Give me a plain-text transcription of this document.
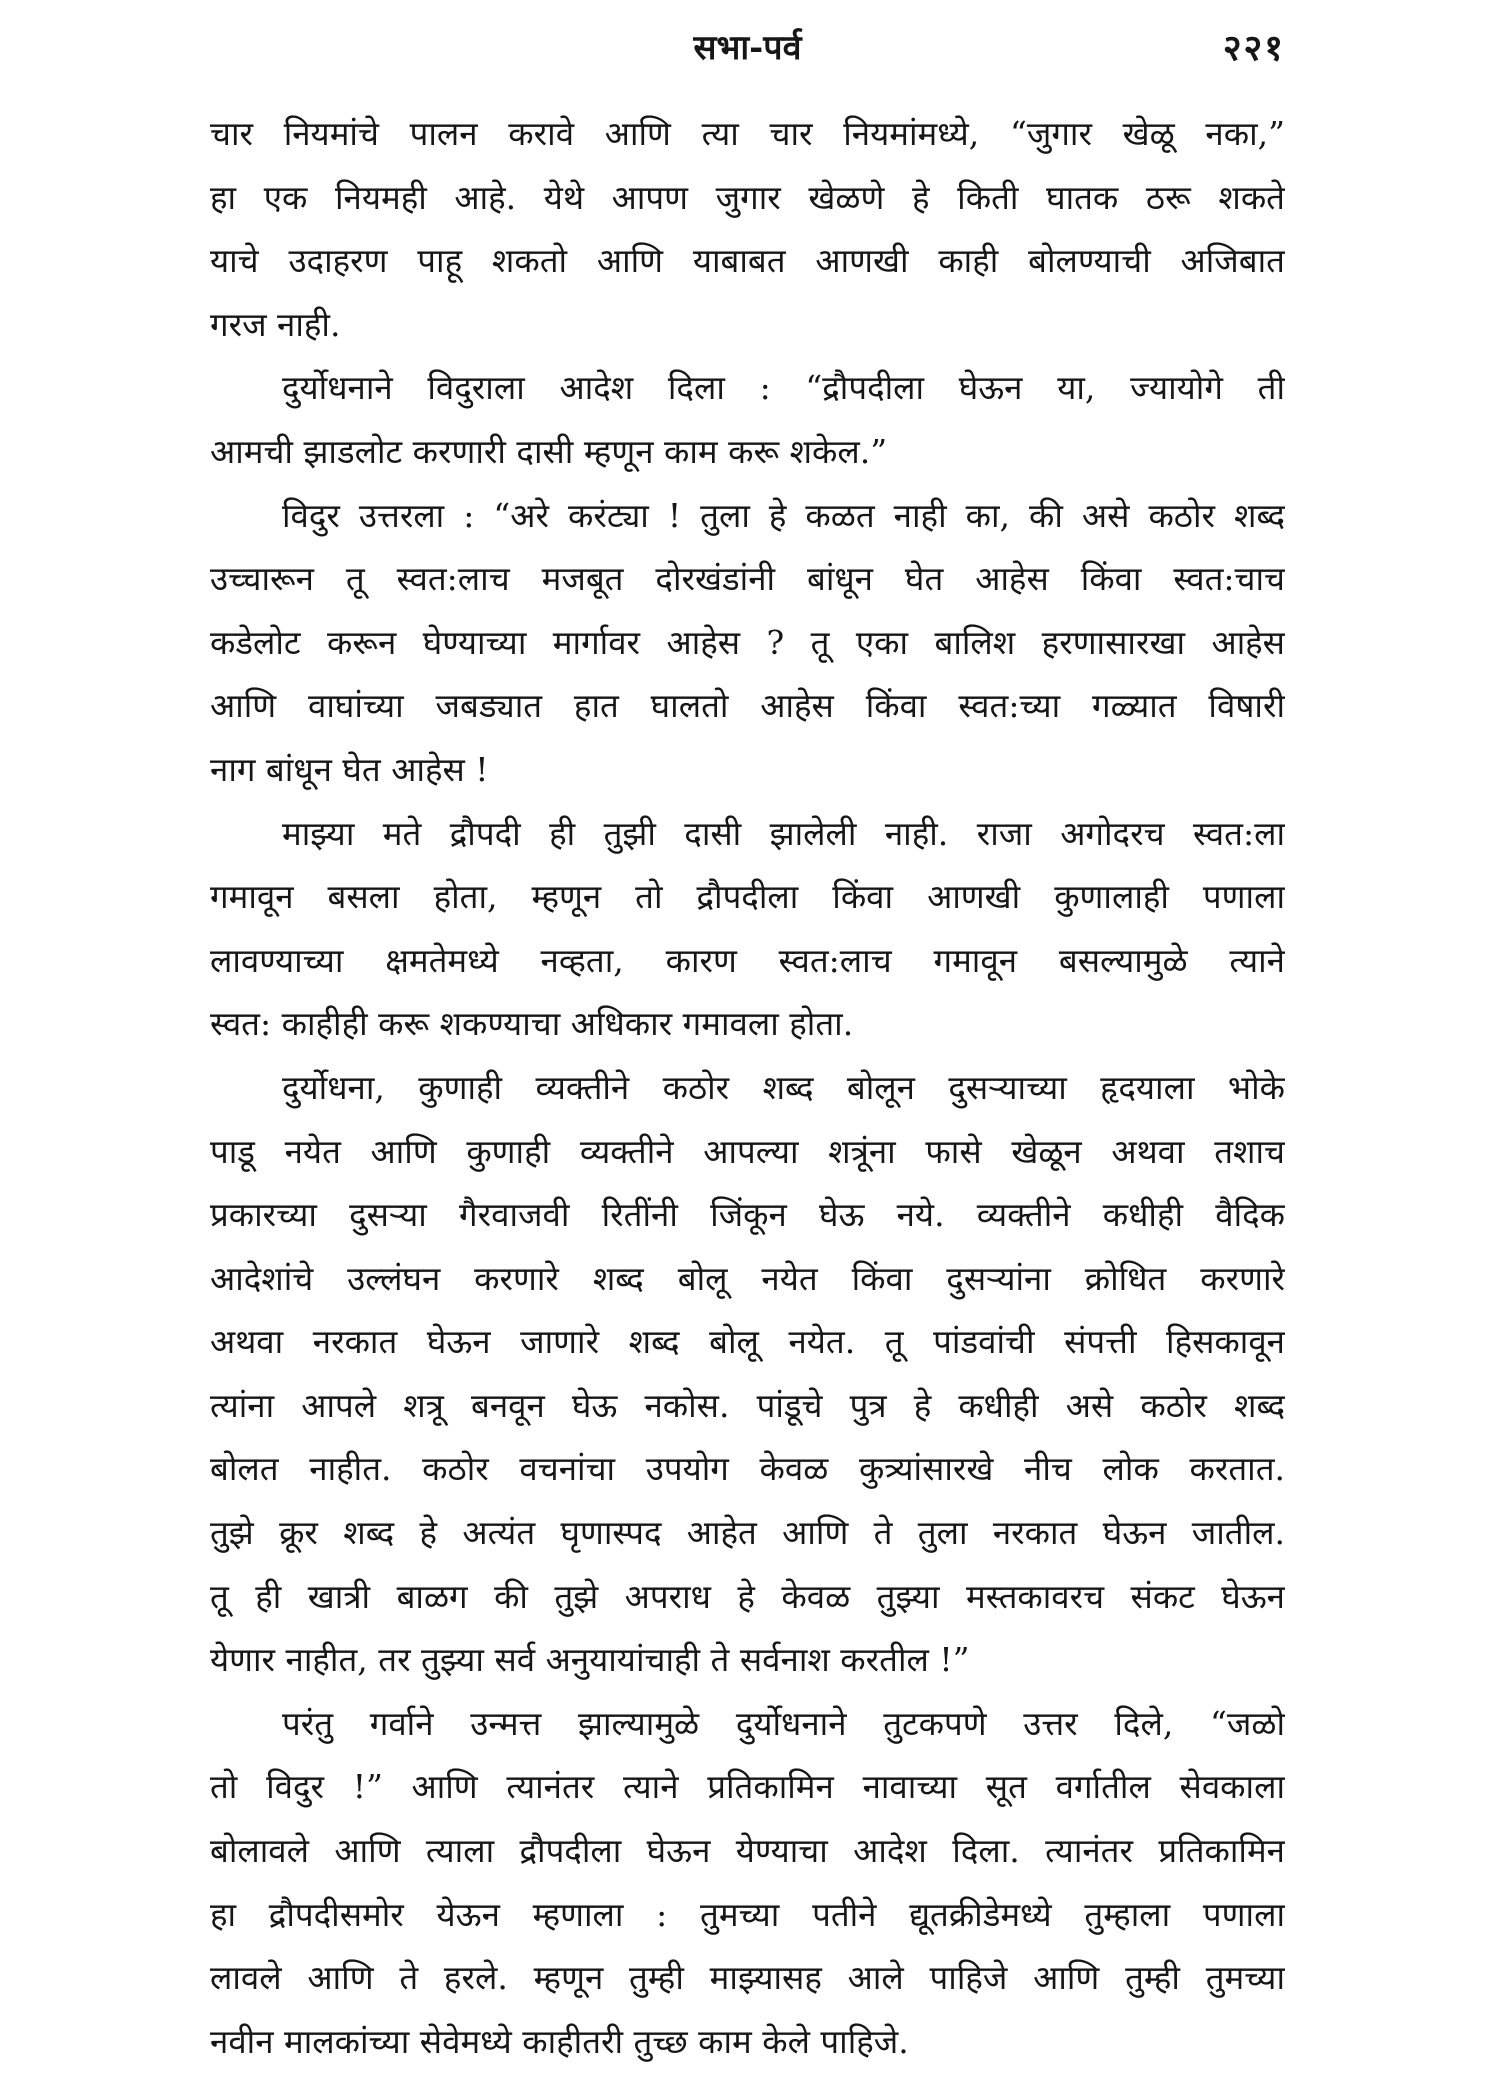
सभा-पर्व	२२१
चार नियमांचे पालन करावे आणि त्या चार नियमांमध्ये, “जुगार खेळू नका,”
हा एक नियमही आहे. येथे आपण जुगार खेळणे हे किती घातक ठरू शकते
याचे उदाहरण पाहू शकतो आणि याबाबत आणखी काही बोलण्याची अजिबात
गरज नाही.
दुर्योधनाने विदुराला आदेश दिला : “द्रौपदीला घेऊन या, ज्यायोगे ती
आमची झाडलोट करणारी दासी म्हणून काम करू शकेल.”
विदुर उत्तरला : “अरे करंट्या ! तुला हे कळत नाही का, की असे कठोर शब्द
उच्चारून तू स्वत:लाच मजबूत दोरखंडांनी बांधून घेत आहेस किंवा स्वत:चाच
कडेलोट करून घेण्याच्या मार्गावर आहेस ? तू एका बालिश हरणासारखा आहेस
आणि वाघांच्या जबड्यात हात घालतो आहेस किंवा स्वत:च्या गळ्यात विषारी
नाग बांधून घेत आहेस !
माझ्या मते द्रौपदी ही तुझी दासी झालेली नाही. राजा अगोदरच स्वत:ला
गमावून बसला होता, म्हणून तो द्रौपदीला किंवा आणखी कुणालाही पणाला
लावण्याच्या क्षमतेमध्ये नव्हता, कारण स्वत:लाच गमावून बसल्यामुळे त्याने
स्वत: काहीही करू शकण्याचा अधिकार गमावला होता.
दुर्योधना, कुणाही व्यक्तीने कठोर शब्द बोलून दुसऱ्याच्या हृदयाला भोके
पाडू नयेत आणि कुणाही व्यक्तीने आपल्या शत्रूंना फासे खेळून अथवा तशाच
प्रकारच्या दुसऱ्या गैरवाजवी रितींनी जिंकून घेऊ नये. व्यक्तीने कधीही वैदिक
आदेशांचे उल्लंघन करणारे शब्द बोलू नयेत किंवा दुसऱ्यांना क्रोधित करणारे
अथवा नरकात घेऊन जाणारे शब्द बोलू नयेत. तू पांडवांची संपत्ती हिसकावून
त्यांना आपले शत्रू बनवून घेऊ नकोस. पांडूचे पुत्र हे कधीही असे कठोर शब्द
बोलत नाहीत. कठोर वचनांचा उपयोग केवळ कुत्र्यांसारखे नीच लोक करतात.
तुझे क्रूर शब्द हे अत्यंत घृणास्पद आहेत आणि ते तुला नरकात घेऊन जातील.
तू ही खात्री बाळग की तुझे अपराध हे केवळ तुझ्या मस्तकावरच संकट घेऊन
येणार नाहीत, तर तुझ्या सर्व अनुयायांचाही ते सर्वनाश करतील !”
परंतु गर्वाने उन्मत्त झाल्यामुळे दुर्योधनाने तुटकपणे उत्तर दिले, “जळो
तो विदुर !” आणि त्यानंतर त्याने प्रतिकामिन नावाच्या सूत वर्गातील सेवकाला
बोलावले आणि त्याला द्रौपदीला घेऊन येण्याचा आदेश दिला. त्यानंतर प्रतिकामिन
हा द्रौपदीसमोर येऊन म्हणाला : तुमच्या पतीने द्यूतक्रीडेमध्ये तुम्हाला पणाला
लावले आणि ते हरले. म्हणून तुम्ही माझ्यासह आले पाहिजे आणि तुम्ही तुमच्या
नवीन मालकांच्या सेवेमध्ये काहीतरी तुच्छ काम केले पाहिजे.
